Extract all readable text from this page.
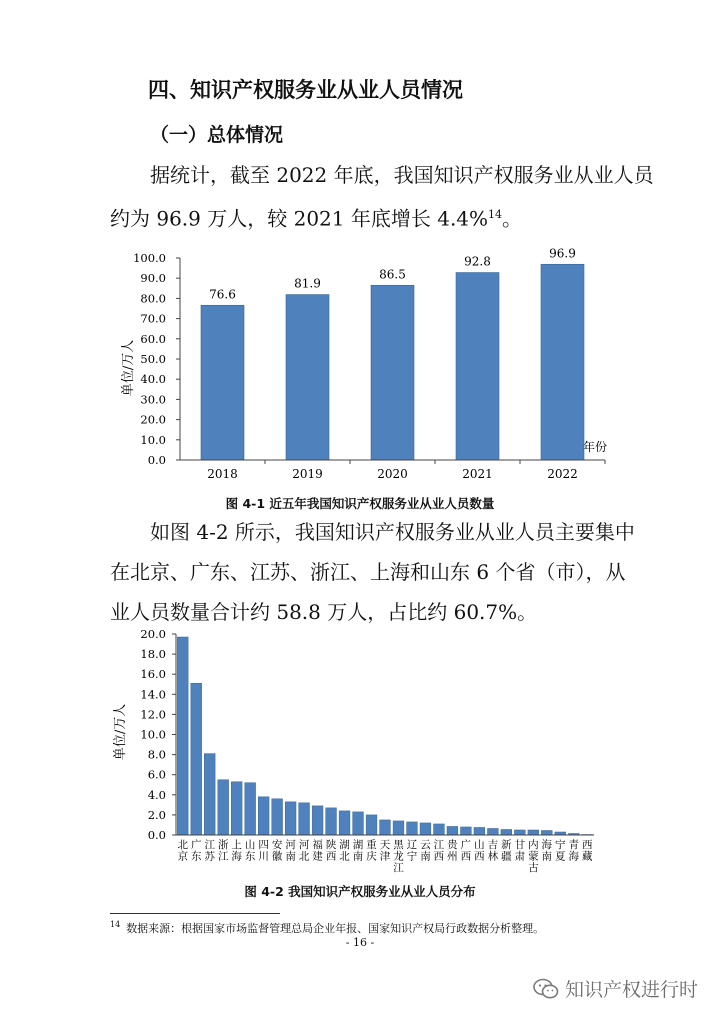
四、知识产权服务业从业人员情况
（一）总体情况
据统计，截至 2022 年底，我国知识产权服务业从业人员
约为 96.9 万人，较 2021 年底增长 4.4%$^{14}$。
0.0
10.0
20.0
30.0
40.0
50.0
60.0
70.0
80.0
90.0
100.0
76.6
81.9
86.5
92.8
96.9
2018	2019	2020	2021	2022
单位/万人
年份
图 4-1 近五年我国知识产权服务业从业人员数量
如图 4-2 所示，我国知识产权服务业从业人员主要集中
在北京、广东、江苏、浙江、上海和山东 6 个省（市），从
业人员数量合计约 58.8 万人，占比约 60.7%。
0.0
2.0
4.0
6.0
8.0
10.0
12.0
14.0
16.0
18.0
20.0
北京
广东
江苏
浙江
上海
山东
四川
安徽
河南
河北
福建
陕西
湖北
湖南
重庆
天津
黑龙江
辽宁
云南
江西
贵州
广西
山西
吉林
新疆
甘肃
内蒙古
海南
宁夏
青海
西藏
单位/万人
图 4-2 我国知识产权服务业从业人员分布
$^{14}$ 数据来源：根据国家市场监督管理总局企业年报、国家知识产权局行政数据分析整理。
- 16 -
知识产权进行时
